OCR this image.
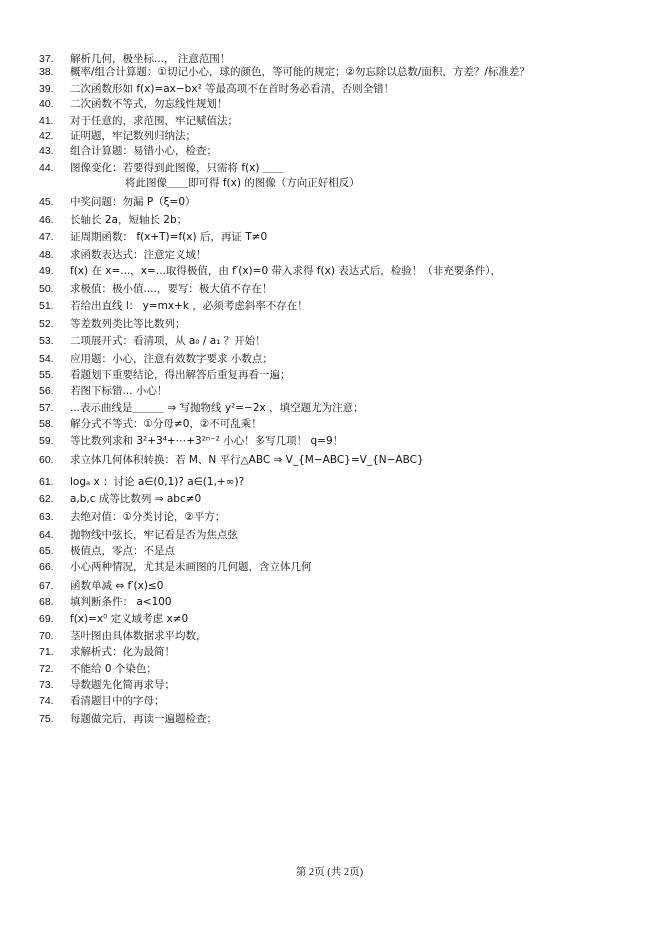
37.	解析几何，极坐标...， 注意范围！
38.	概率/组合计算题：①切记小心，球的颜色，等可能的规定；②勿忘除以总数/面积，方差？/标准差？
39.	二次函数形如 f(x)=ax−bx² 等最高项不在首时务必看清，否则全错！
40.	二次函数不等式，勿忘线性规划！
41.	对于任意的，求范围，牢记赋值法；
42.	证明题，牢记数列归纳法；
43.	组合计算题：易错小心，检查；
44.	图像变化：若要得到此图像，只需将 f(x) ＿＿
将此图像＿＿即可得 f(x) 的图像（方向正好相反）
45.	中奖问题：勿漏 P（ξ=0）
46.	长轴长 2a，短轴长 2b；
47.	证周期函数： f(x+T)=f(x) 后，再证 T≠0
48.	求函数表达式：注意定义域！
49.	f(x) 在 x=...，x=...取得极值，由 f′(x)=0 带入求得 f(x) 表达式后，检验！（非充要条件），
50.	求极值：极小值....，要写：极大值不存在！
51.	若给出直线 l： y=mx+k ，必须考虑斜率不存在！
52.	等差数列类比等比数列；
53.	二项展开式：看清项，从 a₀ / a₁ ？开始！
54.	应用题：小心，注意有效数字要求 小数点；
55.	看题划下重要结论，得出解答后重复再看一遍；
56.	若图下标错... 小心！
57.	...表示曲线是＿＿＿ ⇒ 写抛物线 y²=−2x ，填空题尤为注意；
58.	解分式不等式：①分母≠0，②不可乱乘！
59.	等比数列求和 3²+3⁴+⋯+3²ⁿ⁻² 小心！多写几项！ q=9！
60.	求立体几何体积转换：若 M、N 平行△ABC ⇒ V_{M−ABC}=V_{N−ABC}
61.	logₐ x ：讨论 a∈(0,1)? a∈(1,+∞)?
62.	a,b,c 成等比数列 ⇒ abc≠0
63.	去绝对值：①分类讨论，②平方；
64.	抛物线中弦长，牢记看是否为焦点弦
65.	极值点，零点：不是点
66.	小心两种情况，尤其是未画图的几何题，含立体几何
67.	函数单减 ⇔ f′(x)≤0
68.	填判断条件： a<100
69.	f(x)=x⁰ 定义域考虑 x≠0
70.	茎叶图由具体数据求平均数，
71.	求解析式：化为最简！
72.	不能给 0 个染色；
73.	导数题先化简再求导；
74.	看清题目中的字母；
75.	每题做完后，再读一遍题检查；
第 2页 (共 2页)
